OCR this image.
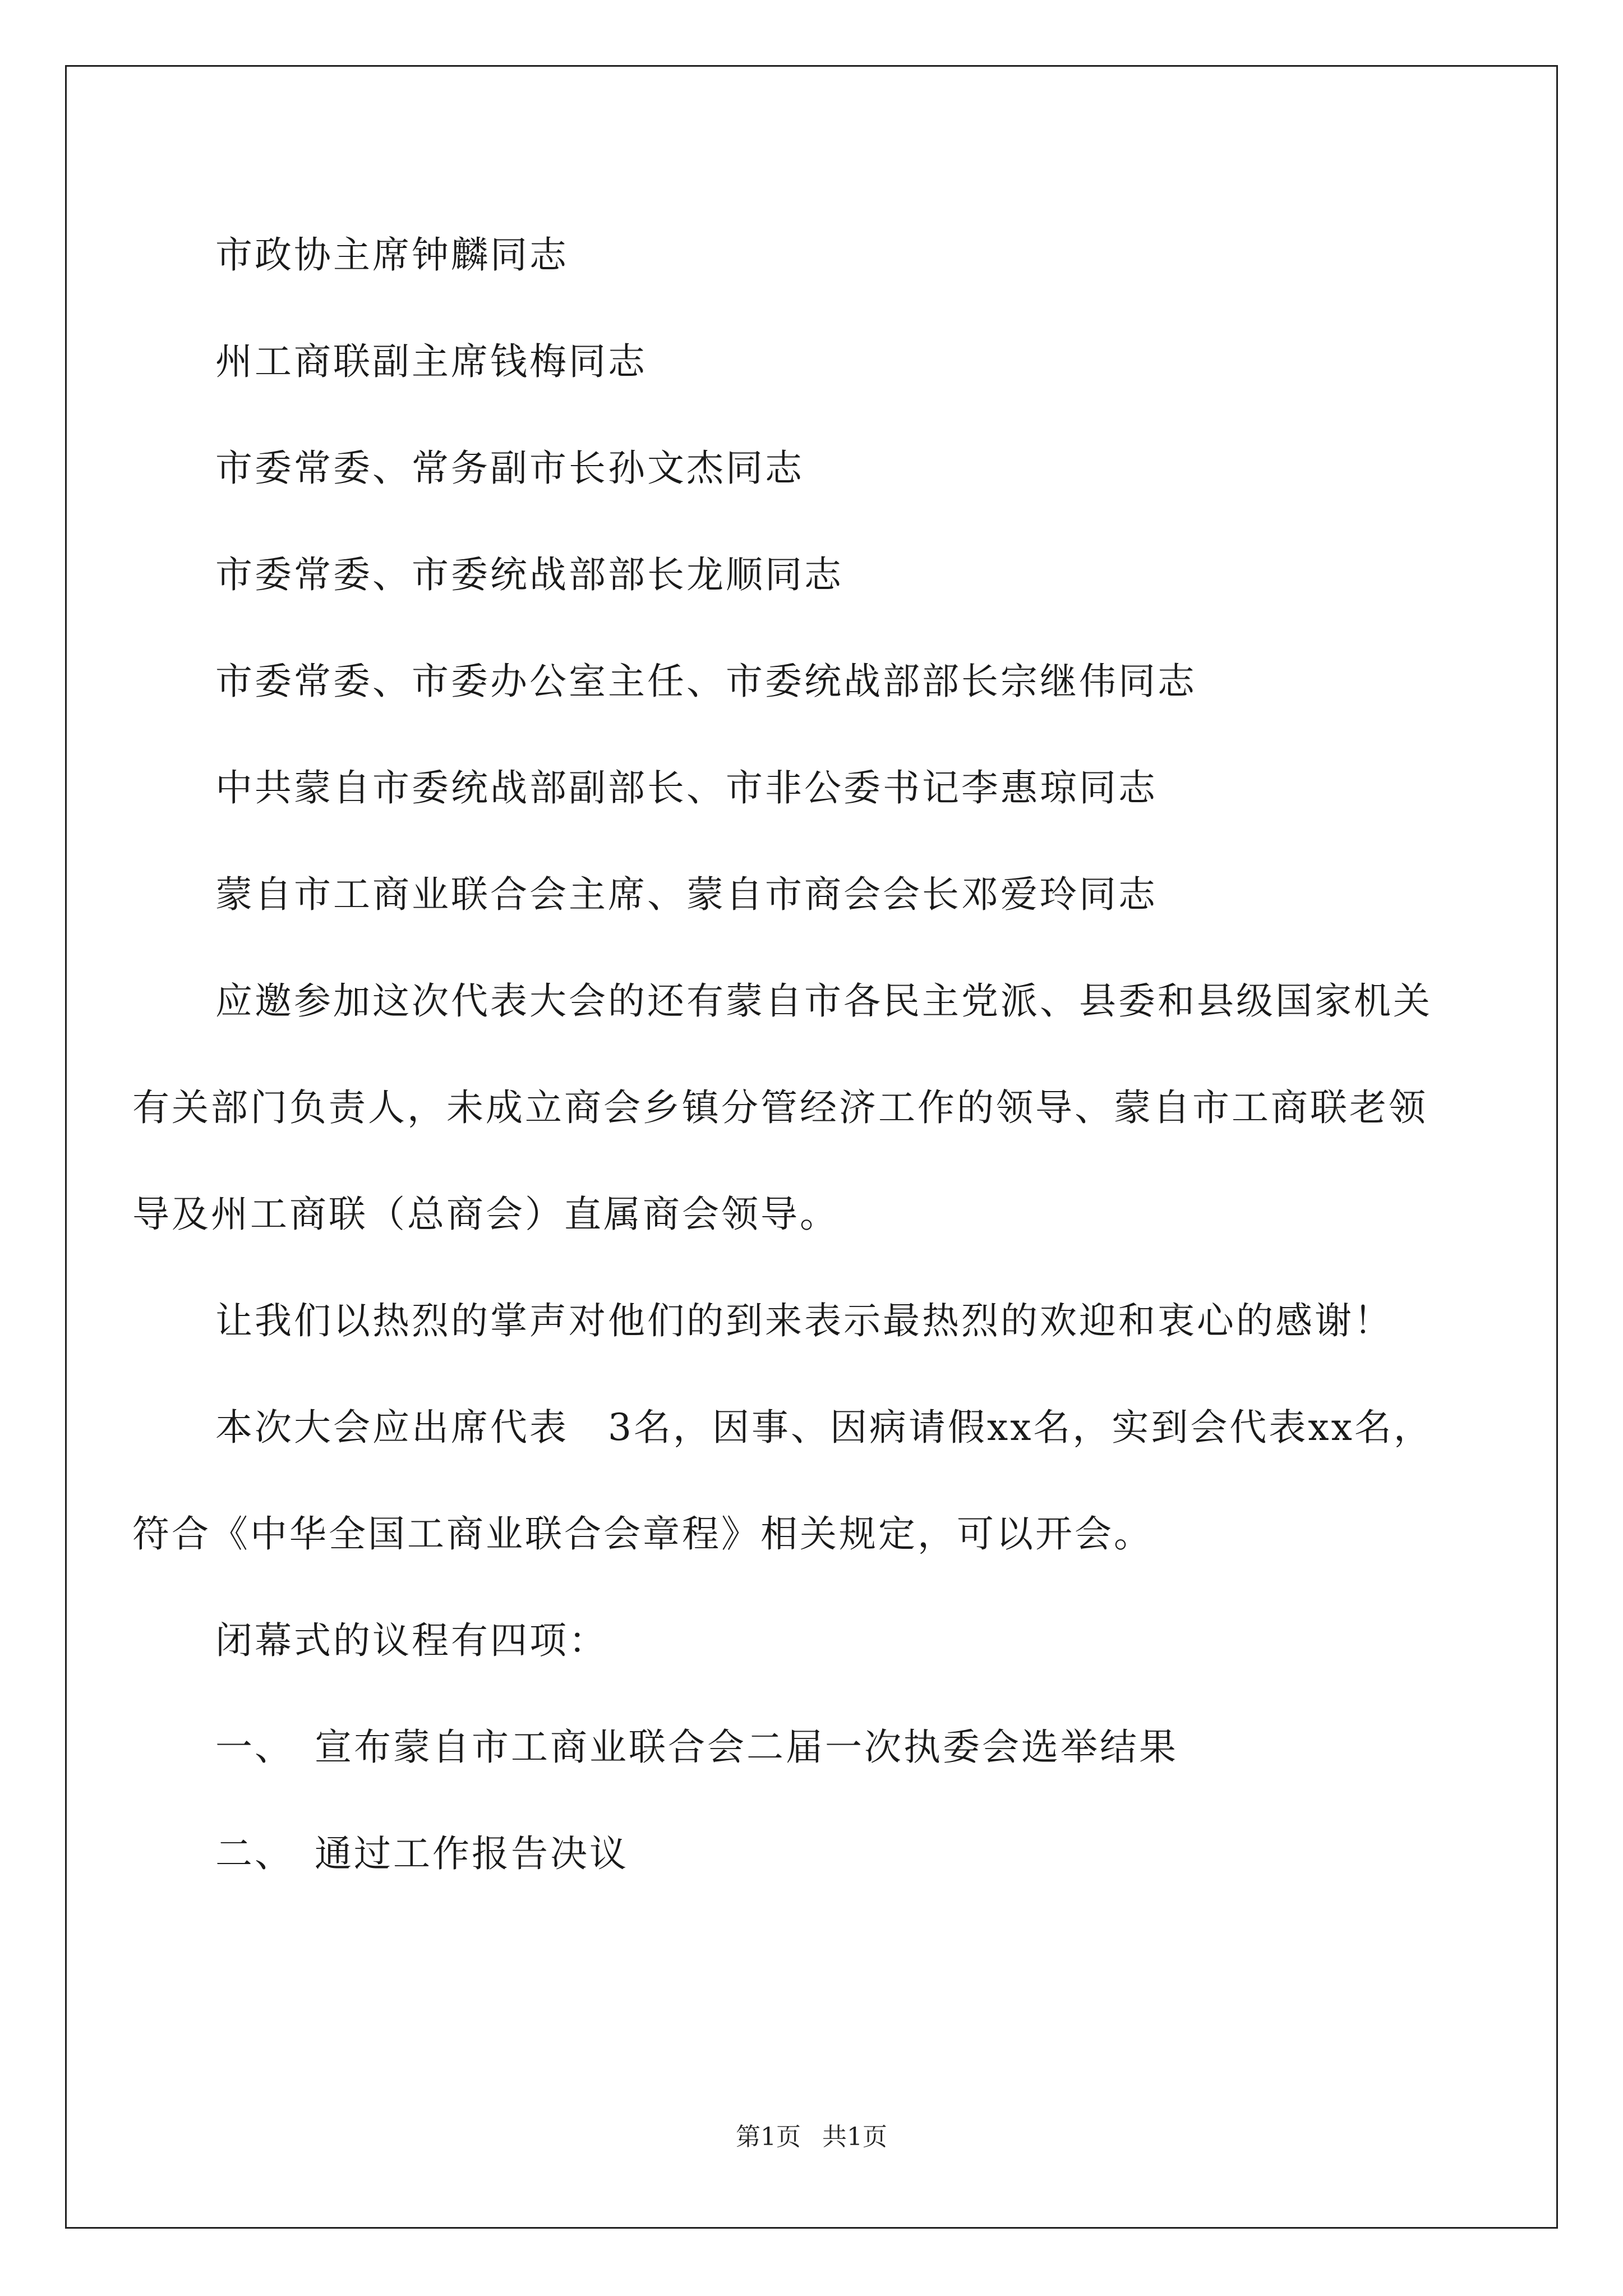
市政协主席钟麟同志

州工商联副主席钱梅同志

市委常委、常务副市长孙文杰同志

市委常委、市委统战部部长龙顺同志

市委常委、市委办公室主任、市委统战部部长宗继伟同志

中共蒙自市委统战部副部长、市非公委书记李惠琼同志

蒙自市工商业联合会主席、蒙自市商会会长邓爱玲同志

应邀参加这次代表大会的还有蒙自市各民主党派、县委和县级国家机关有关部门负责人，未成立商会乡镇分管经济工作的领导、蒙自市工商联老领导及州工商联（总商会）直属商会领导。

让我们以热烈的掌声对他们的到来表示最热烈的欢迎和衷心的感谢！

本次大会应出席代表　3名，因事、因病请假xx名，实到会代表xx名，符合《中华全国工商业联合会章程》相关规定，可以开会。

闭幕式的议程有四项：

一、　宣布蒙自市工商业联合会二届一次执委会选举结果

二、　通过工作报告决议

第1页 共1页
